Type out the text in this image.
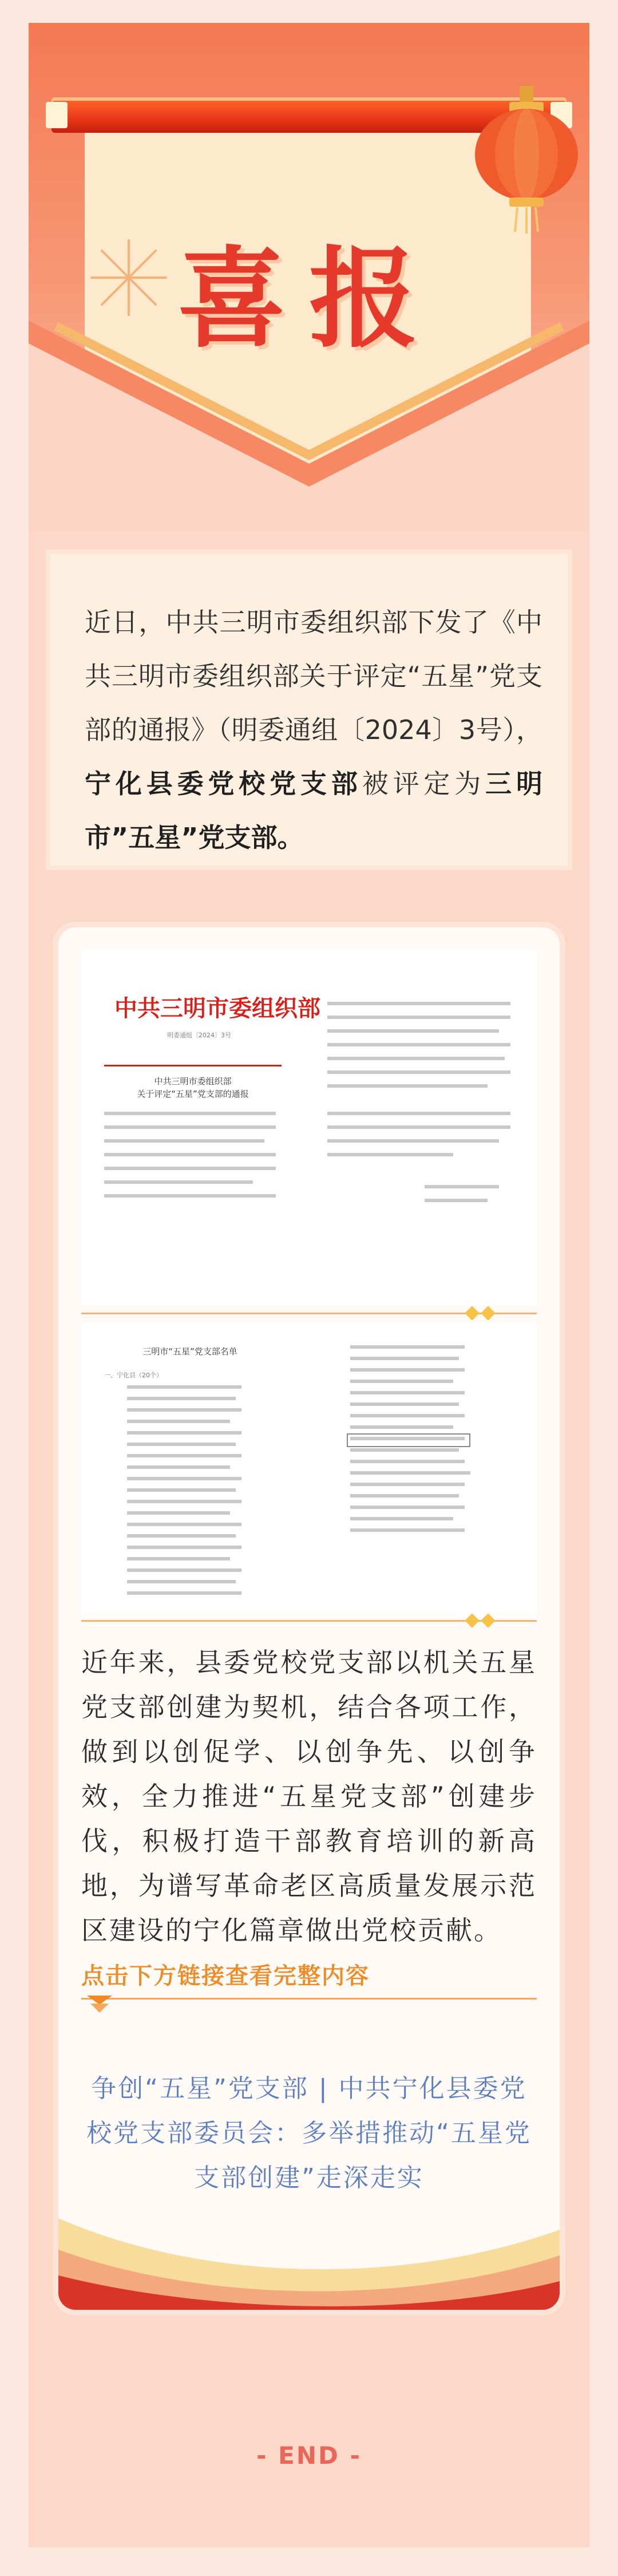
喜报

近日，中共三明市委组织部下发了《中共三明市委组织部关于评定“五星”党支部的通报》（明委通组〔2024〕3号），宁化县委党校党支部被评定为三明市”五星”党支部。

中共三明市委组织部
明委通组〔2024〕3号
中共三明市委组织部
关于评定“五星”党支部的通报
三明市“五星”党支部名单
一、宁化县（20个）

近年来，县委党校党支部以机关五星党支部创建为契机，结合各项工作，做到以创促学、以创争先、以创争效，全力推进“五星党支部”创建步伐，积极打造干部教育培训的新高地，为谱写革命老区高质量发展示范区建设的宁化篇章做出党校贡献。

点击下方链接查看完整内容
争创“五星”党支部 | 中共宁化县委党校党支部委员会：多举措推动“五星党支部创建”走深走实
- END -
